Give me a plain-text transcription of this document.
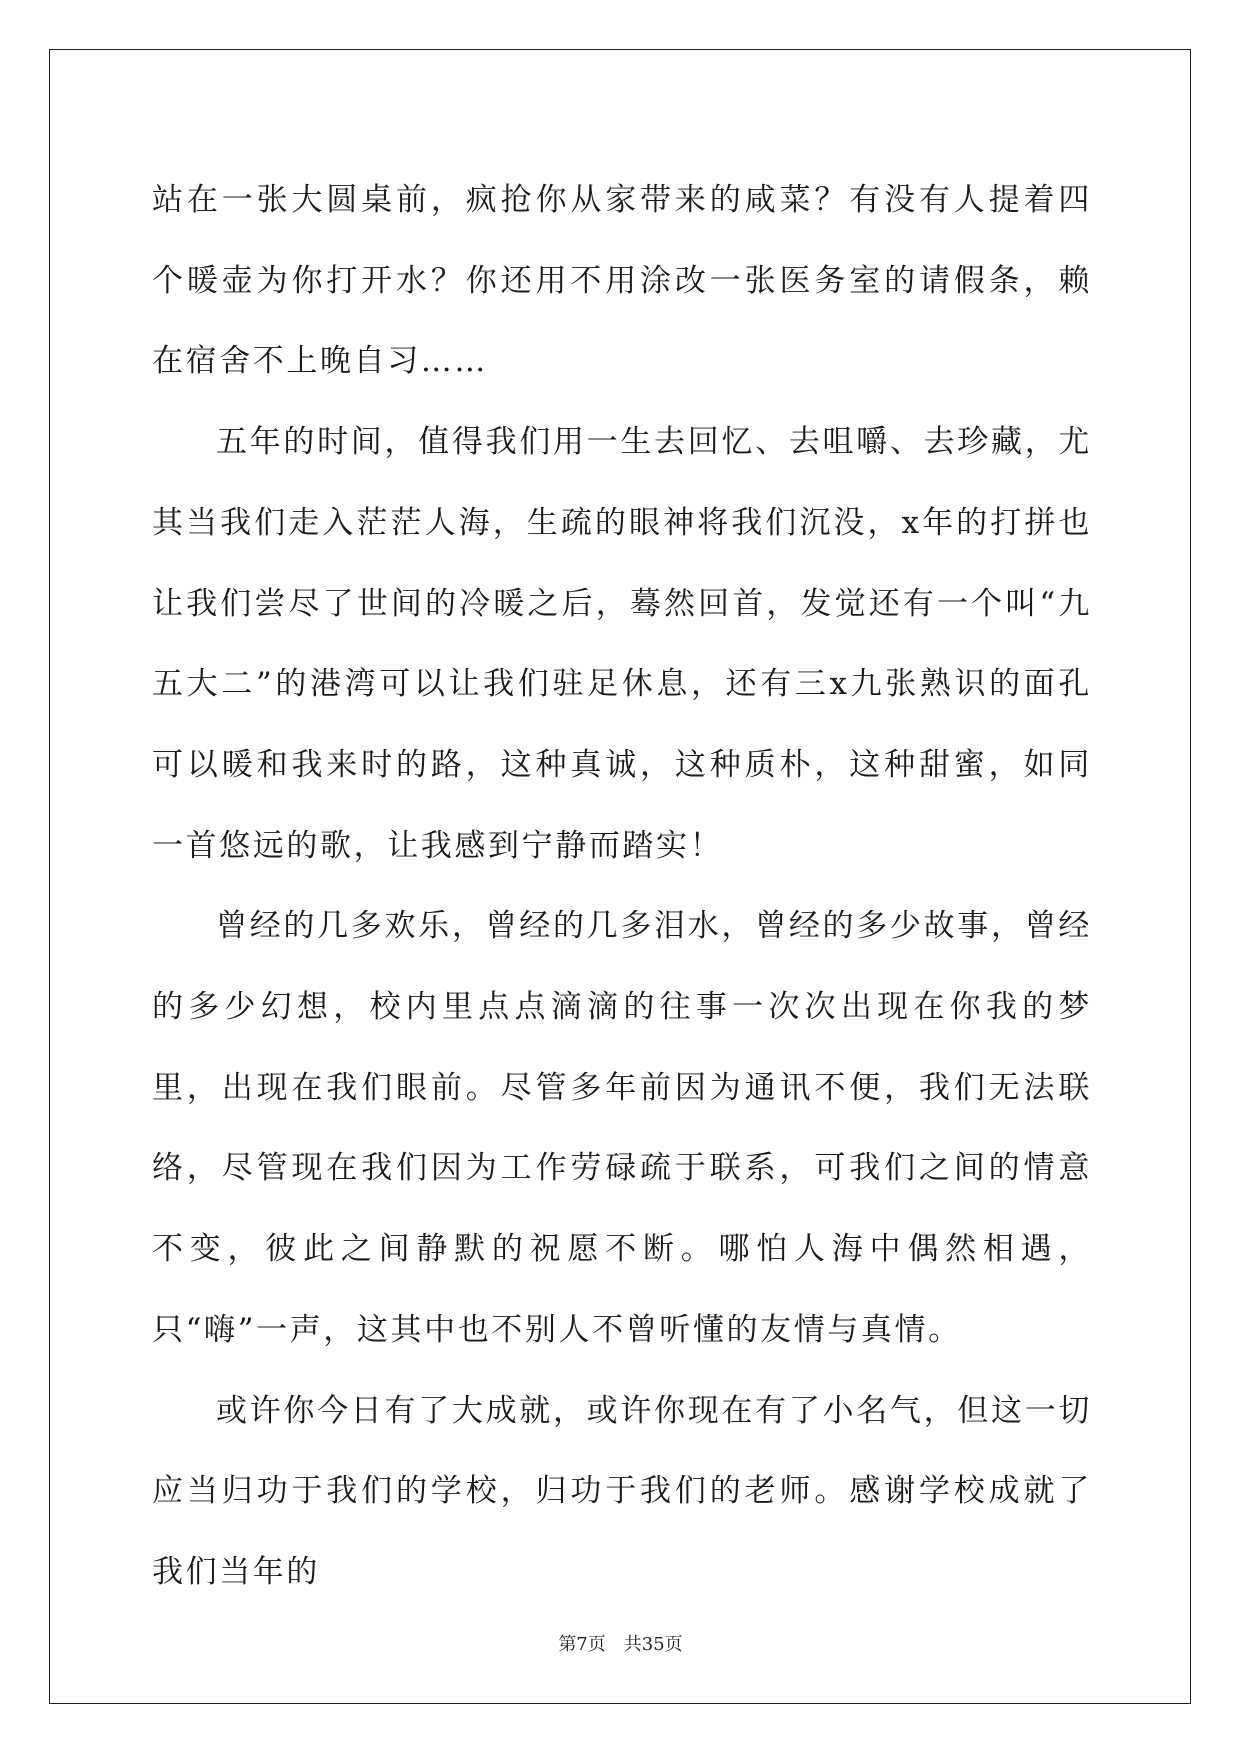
站在一张大圆桌前，疯抢你从家带来的咸菜？有没有人提着四个暖壶为你打开水？你还用不用涂改一张医务室的请假条，赖在宿舍不上晚自习……

五年的时间，值得我们用一生去回忆、去咀嚼、去珍藏，尤其当我们走入茫茫人海，生疏的眼神将我们沉没，x年的打拼也让我们尝尽了世间的冷暖之后，蓦然回首，发觉还有一个叫“九五大二”的港湾可以让我们驻足休息，还有三x九张熟识的面孔可以暖和我来时的路，这种真诚，这种质朴，这种甜蜜，如同一首悠远的歌，让我感到宁静而踏实！

曾经的几多欢乐，曾经的几多泪水，曾经的多少故事，曾经的多少幻想，校内里点点滴滴的往事一次次出现在你我的梦里，出现在我们眼前。尽管多年前因为通讯不便，我们无法联络，尽管现在我们因为工作劳碌疏于联系，可我们之间的情意不变，彼此之间静默的祝愿不断。哪怕人海中偶然相遇，只“嗨”一声，这其中也不别人不曾听懂的友情与真情。

或许你今日有了大成就，或许你现在有了小名气，但这一切应当归功于我们的学校，归功于我们的老师。感谢学校成就了我们当年的

第7页 共35页
